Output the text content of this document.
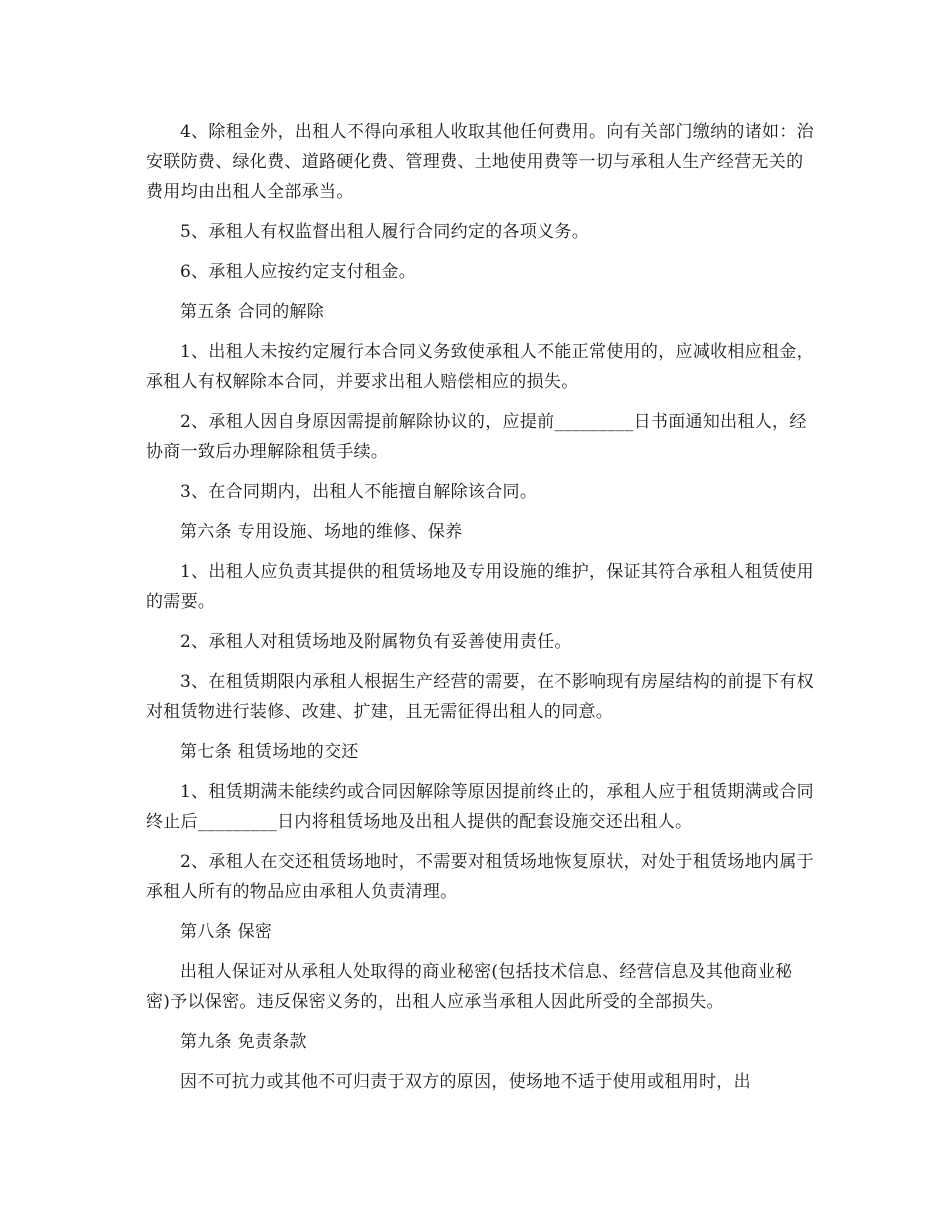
4、除租金外，出租人不得向承租人收取其他任何费用。向有关部门缴纳的诸如：治安联防费、绿化费、道路硬化费、管理费、土地使用费等一切与承租人生产经营无关的费用均由出租人全部承当。

5、承租人有权监督出租人履行合同约定的各项义务。

6、承租人应按约定支付租金。

第五条 合同的解除

1、出租人未按约定履行本合同义务致使承租人不能正常使用的，应减收相应租金，承租人有权解除本合同，并要求出租人赔偿相应的损失。

2、承租人因自身原因需提前解除协议的，应提前_________日书面通知出租人，经协商一致后办理解除租赁手续。

3、在合同期内，出租人不能擅自解除该合同。

第六条 专用设施、场地的维修、保养

1、出租人应负责其提供的租赁场地及专用设施的维护，保证其符合承租人租赁使用的需要。

2、承租人对租赁场地及附属物负有妥善使用责任。

3、在租赁期限内承租人根据生产经营的需要，在不影响现有房屋结构的前提下有权对租赁物进行装修、改建、扩建，且无需征得出租人的同意。

第七条 租赁场地的交还

1、租赁期满未能续约或合同因解除等原因提前终止的，承租人应于租赁期满或合同终止后_________日内将租赁场地及出租人提供的配套设施交还出租人。

2、承租人在交还租赁场地时，不需要对租赁场地恢复原状，对处于租赁场地内属于承租人所有的物品应由承租人负责清理。

第八条 保密

出租人保证对从承租人处取得的商业秘密(包括技术信息、经营信息及其他商业秘密)予以保密。违反保密义务的，出租人应承当承租人因此所受的全部损失。

第九条 免责条款

因不可抗力或其他不可归责于双方的原因，使场地不适于使用或租用时，出
